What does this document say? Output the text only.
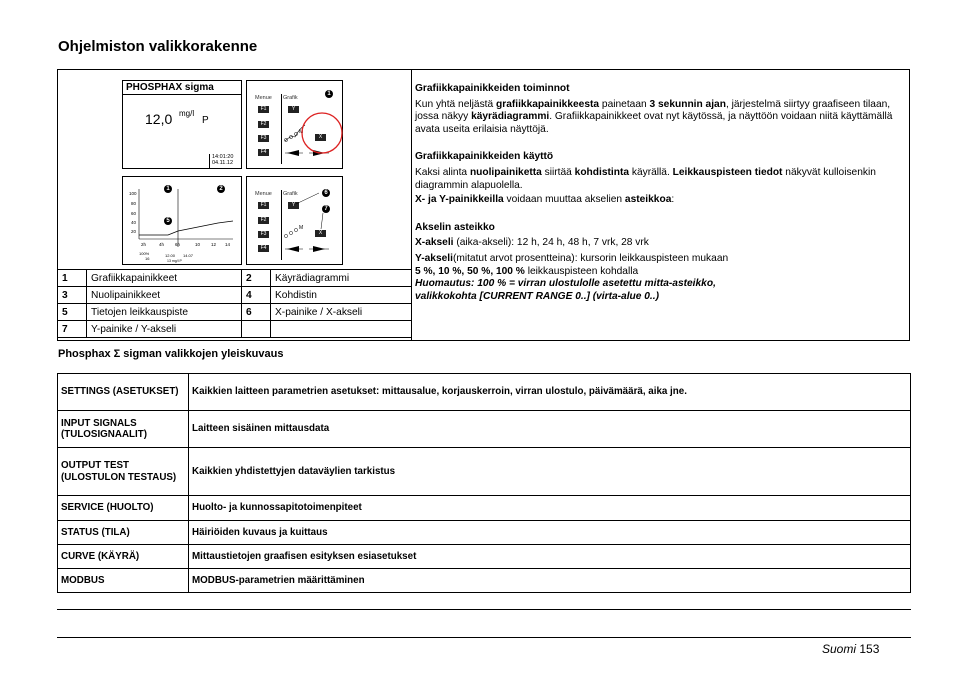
Ohjelmiston valikkorakenne
PHOSPHAX sigma
12,0 mg/l
P
14:01:20
04.11.12
Menue Grafik
F1
F2
F3
F4
Y
X
M
1
100
80
60
40
20
2h	4h 6h	10 12 14
100%
16
12.00 14.07
13 mg/l P
1	2
5
Menue Grafik
F1
F2
F3
F4
Y
X
M
6
7
1	Grafiikkapainikkeet	2	Käyrädiagrammi
3	Nuolipainikkeet	4	Kohdistin
5	Tietojen leikkauspiste	6	X-painike / X-akseli
7	Y-painike / Y-akseli		

Grafiikkapainikkeiden toiminnot

Kun yhtä neljästä grafiikkapainikkeesta painetaan 3 sekunnin ajan, järjestelmä siirtyy graafiseen tilaan, jossa näkyy käyrädiagrammi. Grafiikkapainikkeet ovat nyt käytössä, ja näyttöön voidaan niitä käyttämällä avata useita erilaisia näyttöjä.

Grafiikkapainikkeiden käyttö

Kaksi alinta nuolipainiketta siirtää kohdistinta käyrällä. Leikkauspisteen tiedot näkyvät kulloisenkin diagrammin alapuolella.

X- ja Y-painikkeilla voidaan muuttaa akselien asteikkoa:

Akselin asteikko

X-akseli (aika-akseli): 12 h, 24 h, 48 h, 7 vrk, 28 vrk

Y-akseli(mitatut arvot prosentteina): kursorin leikkauspisteen mukaan

5 %, 10 %, 50 %, 100 % leikkauspisteen kohdalla

Huomautus: 100 % = virran ulostulolle asetettu mitta-asteikko, valikkokohta [CURRENT RANGE 0..] (virta-alue 0..)

Phosphax Σ sigman valikkojen yleiskuvaus
SETTINGS (ASETUKSET)	Kaikkien laitteen parametrien asetukset: mittausalue, korjauskerroin, virran ulostulo, päivämäärä, aika jne.
INPUT SIGNALS (TULOSIGNAALIT)	Laitteen sisäinen mittausdata
OUTPUT TEST (ULOSTULON TESTAUS)	Kaikkien yhdistettyjen dataväylien tarkistus
SERVICE (HUOLTO)	Huolto- ja kunnossapitotoimenpiteet
STATUS (TILA)	Häiriöiden kuvaus ja kuittaus
CURVE (KÄYRÄ)	Mittaustietojen graafisen esityksen esiasetukset
MODBUS	MODBUS-parametrien määrittäminen
Suomi 153
